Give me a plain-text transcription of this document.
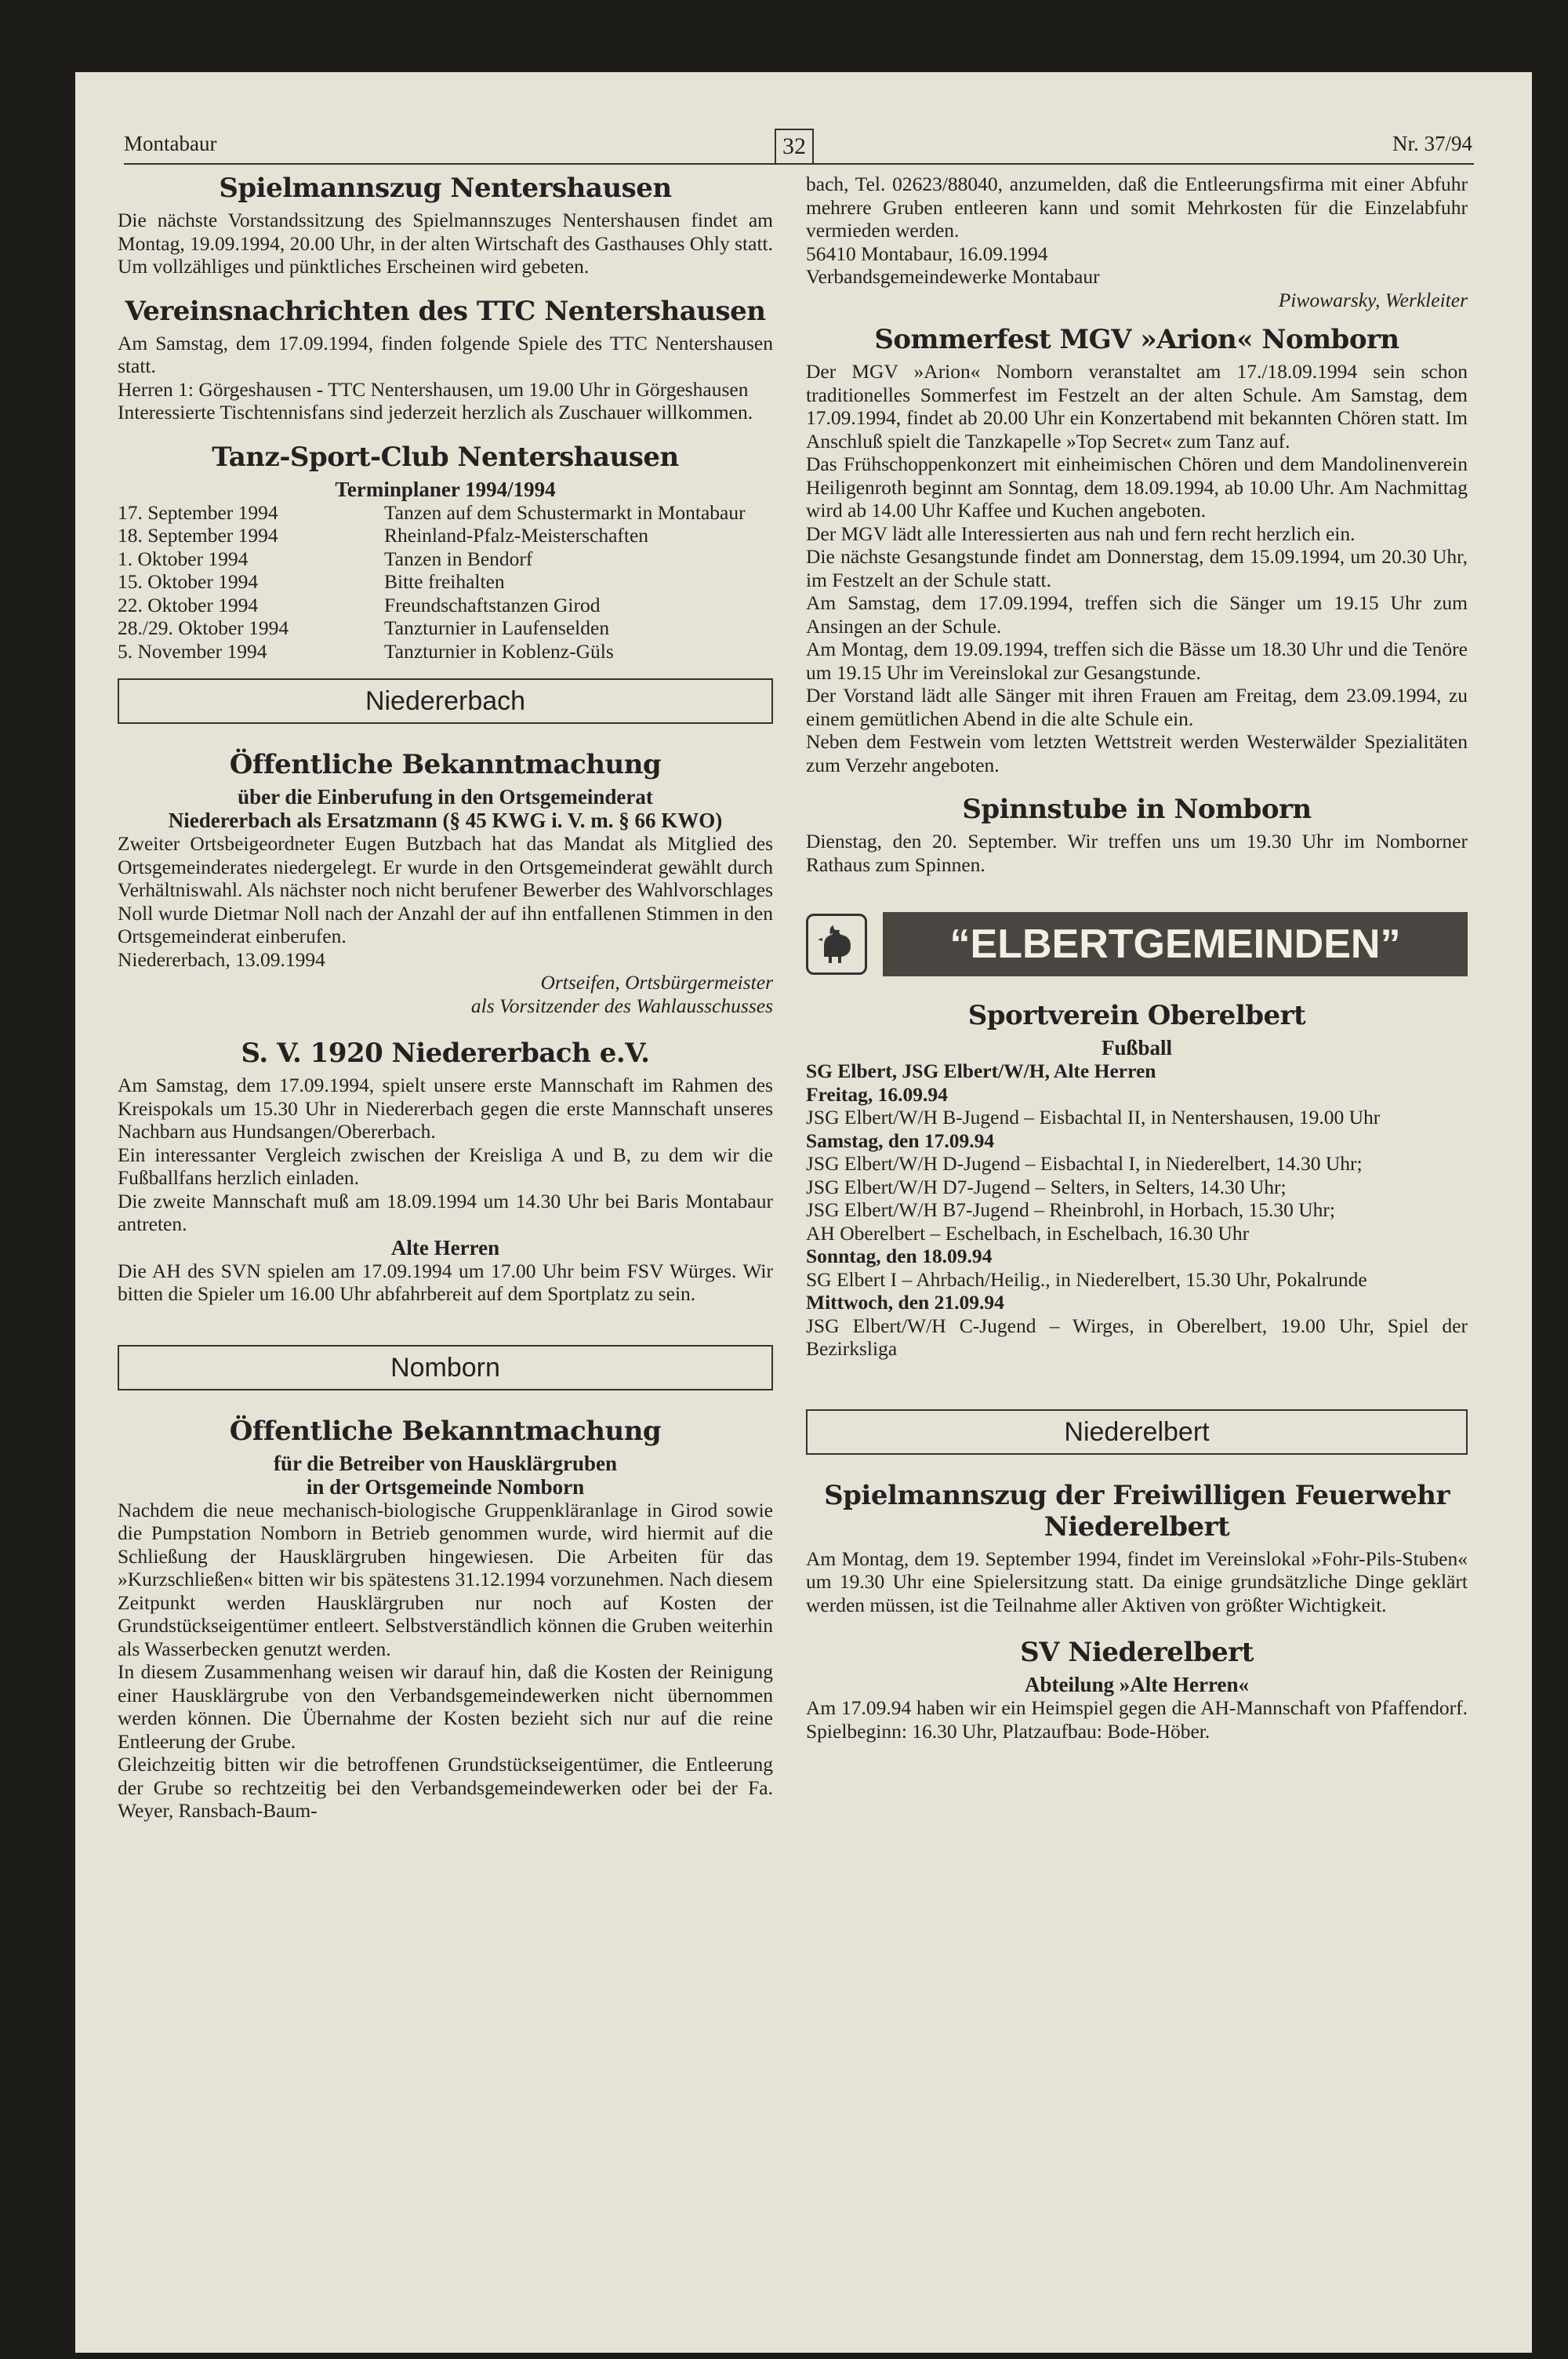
Montabaur	32	Nr. 37/94
Spielmannszug Nentershausen

Die nächste Vorstandssitzung des Spielmannszuges Nentershausen findet am Montag, 19.09.1994, 20.00 Uhr, in der alten Wirtschaft des Gasthauses Ohly statt.

Um vollzähliges und pünktliches Erscheinen wird gebeten.

Vereinsnachrichten des TTC Nentershausen

Am Samstag, dem 17.09.1994, finden folgende Spiele des TTC Nentershausen statt.

Herren 1: Görgeshausen - TTC Nentershausen, um 19.00 Uhr in Görgeshausen

Interessierte Tischtennisfans sind jederzeit herzlich als Zuschauer willkommen.

Tanz-Sport-Club Nentershausen
Terminplaner 1994/1994
17. September 1994	Tanzen auf dem Schustermarkt in Montabaur
18. September 1994	Rheinland-Pfalz-Meisterschaften
1. Oktober 1994	Tanzen in Bendorf
15. Oktober 1994	Bitte freihalten
22. Oktober 1994	Freundschaftstanzen Girod
28./29. Oktober 1994	Tanzturnier in Laufenselden
5. November 1994	Tanzturnier in Koblenz-Güls
Niedererbach
Öffentliche Bekanntmachung
über die Einberufung in den Ortsgemeinderat
Niedererbach als Ersatzmann (§ 45 KWG i. V. m. § 66 KWO)

Zweiter Ortsbeigeordneter Eugen Butzbach hat das Mandat als Mitglied des Ortsgemeinderates niedergelegt. Er wurde in den Ortsgemeinderat gewählt durch Verhältniswahl. Als nächster noch nicht berufener Bewerber des Wahlvorschlages Noll wurde Dietmar Noll nach der Anzahl der auf ihn entfallenen Stimmen in den Ortsgemeinderat einberufen.

Niedererbach, 13.09.1994

Ortseifen, Ortsbürgermeister

als Vorsitzender des Wahlausschusses

S. V. 1920 Niedererbach e.V.

Am Samstag, dem 17.09.1994, spielt unsere erste Mannschaft im Rahmen des Kreispokals um 15.30 Uhr in Niedererbach gegen die erste Mannschaft unseres Nachbarn aus Hundsangen/Obererbach.

Ein interessanter Vergleich zwischen der Kreisliga A und B, zu dem wir die Fußballfans herzlich einladen.

Die zweite Mannschaft muß am 18.09.1994 um 14.30 Uhr bei Baris Montabaur antreten.

Alte Herren

Die AH des SVN spielen am 17.09.1994 um 17.00 Uhr beim FSV Würges. Wir bitten die Spieler um 16.00 Uhr abfahrbereit auf dem Sportplatz zu sein.

Nomborn
Öffentliche Bekanntmachung
für die Betreiber von Hausklärgruben
in der Ortsgemeinde Nomborn

Nachdem die neue mechanisch-biologische Gruppenkläranlage in Girod sowie die Pumpstation Nomborn in Betrieb genommen wurde, wird hiermit auf die Schließung der Hausklärgruben hingewiesen. Die Arbeiten für das »Kurzschließen« bitten wir bis spätestens 31.12.1994 vorzunehmen. Nach diesem Zeitpunkt werden Hausklärgruben nur noch auf Kosten der Grundstückseigentümer entleert. Selbstverständlich können die Gruben weiterhin als Wasserbecken genutzt werden.

In diesem Zusammenhang weisen wir darauf hin, daß die Kosten der Reinigung einer Hausklärgrube von den Verbandsgemeindewerken nicht übernommen werden können. Die Übernahme der Kosten bezieht sich nur auf die reine Entleerung der Grube.

Gleichzeitig bitten wir die betroffenen Grundstückseigentümer, die Entleerung der Grube so rechtzeitig bei den Verbandsgemeindewerken oder bei der Fa. Weyer, Ransbach-Baum-

bach, Tel. 02623/88040, anzumelden, daß die Entleerungsfirma mit einer Abfuhr mehrere Gruben entleeren kann und somit Mehrkosten für die Einzelabfuhr vermieden werden.

56410 Montabaur, 16.09.1994

Verbandsgemeindewerke Montabaur

Piwowarsky, Werkleiter

Sommerfest MGV »Arion« Nomborn

Der MGV »Arion« Nomborn veranstaltet am 17./18.09.1994 sein schon traditionelles Sommerfest im Festzelt an der alten Schule. Am Samstag, dem 17.09.1994, findet ab 20.00 Uhr ein Konzertabend mit bekannten Chören statt. Im Anschluß spielt die Tanzkapelle »Top Secret« zum Tanz auf.

Das Frühschoppenkonzert mit einheimischen Chören und dem Mandolinenverein Heiligenroth beginnt am Sonntag, dem 18.09.1994, ab 10.00 Uhr. Am Nachmittag wird ab 14.00 Uhr Kaffee und Kuchen angeboten.

Der MGV lädt alle Interessierten aus nah und fern recht herzlich ein.

Die nächste Gesangstunde findet am Donnerstag, dem 15.09.1994, um 20.30 Uhr, im Festzelt an der Schule statt.

Am Samstag, dem 17.09.1994, treffen sich die Sänger um 19.15 Uhr zum Ansingen an der Schule.

Am Montag, dem 19.09.1994, treffen sich die Bässe um 18.30 Uhr und die Tenöre um 19.15 Uhr im Vereinslokal zur Gesangstunde.

Der Vorstand lädt alle Sänger mit ihren Frauen am Freitag, dem 23.09.1994, zu einem gemütlichen Abend in die alte Schule ein.

Neben dem Festwein vom letzten Wettstreit werden Westerwälder Spezialitäten zum Verzehr angeboten.

Spinnstube in Nomborn

Dienstag, den 20. September. Wir treffen uns um 19.30 Uhr im Nomborner Rathaus zum Spinnen.

“ELBERTGEMEINDEN”
Sportverein Oberelbert
Fußball

SG Elbert, JSG Elbert/W/H, Alte Herren

Freitag, 16.09.94

JSG Elbert/W/H B-Jugend – Eisbachtal II, in Nentershausen, 19.00 Uhr

Samstag, den 17.09.94

JSG Elbert/W/H D-Jugend – Eisbachtal I, in Niederelbert, 14.30 Uhr;

JSG Elbert/W/H D7-Jugend – Selters, in Selters, 14.30 Uhr;

JSG Elbert/W/H B7-Jugend – Rheinbrohl, in Horbach, 15.30 Uhr;

AH Oberelbert – Eschelbach, in Eschelbach, 16.30 Uhr

Sonntag, den 18.09.94

SG Elbert I – Ahrbach/Heilig., in Niederelbert, 15.30 Uhr, Pokalrunde

Mittwoch, den 21.09.94

JSG Elbert/W/H C-Jugend – Wirges, in Oberelbert, 19.00 Uhr, Spiel der Bezirksliga

Niederelbert
Spielmannszug der Freiwilligen Feuerwehr Niederelbert

Am Montag, dem 19. September 1994, findet im Vereinslokal »Fohr-Pils-Stuben« um 19.30 Uhr eine Spielersitzung statt. Da einige grundsätzliche Dinge geklärt werden müssen, ist die Teilnahme aller Aktiven von größter Wichtigkeit.

SV Niederelbert
Abteilung »Alte Herren«

Am 17.09.94 haben wir ein Heimspiel gegen die AH-Mannschaft von Pfaffendorf. Spielbeginn: 16.30 Uhr, Platzaufbau: Bode-Höber.
